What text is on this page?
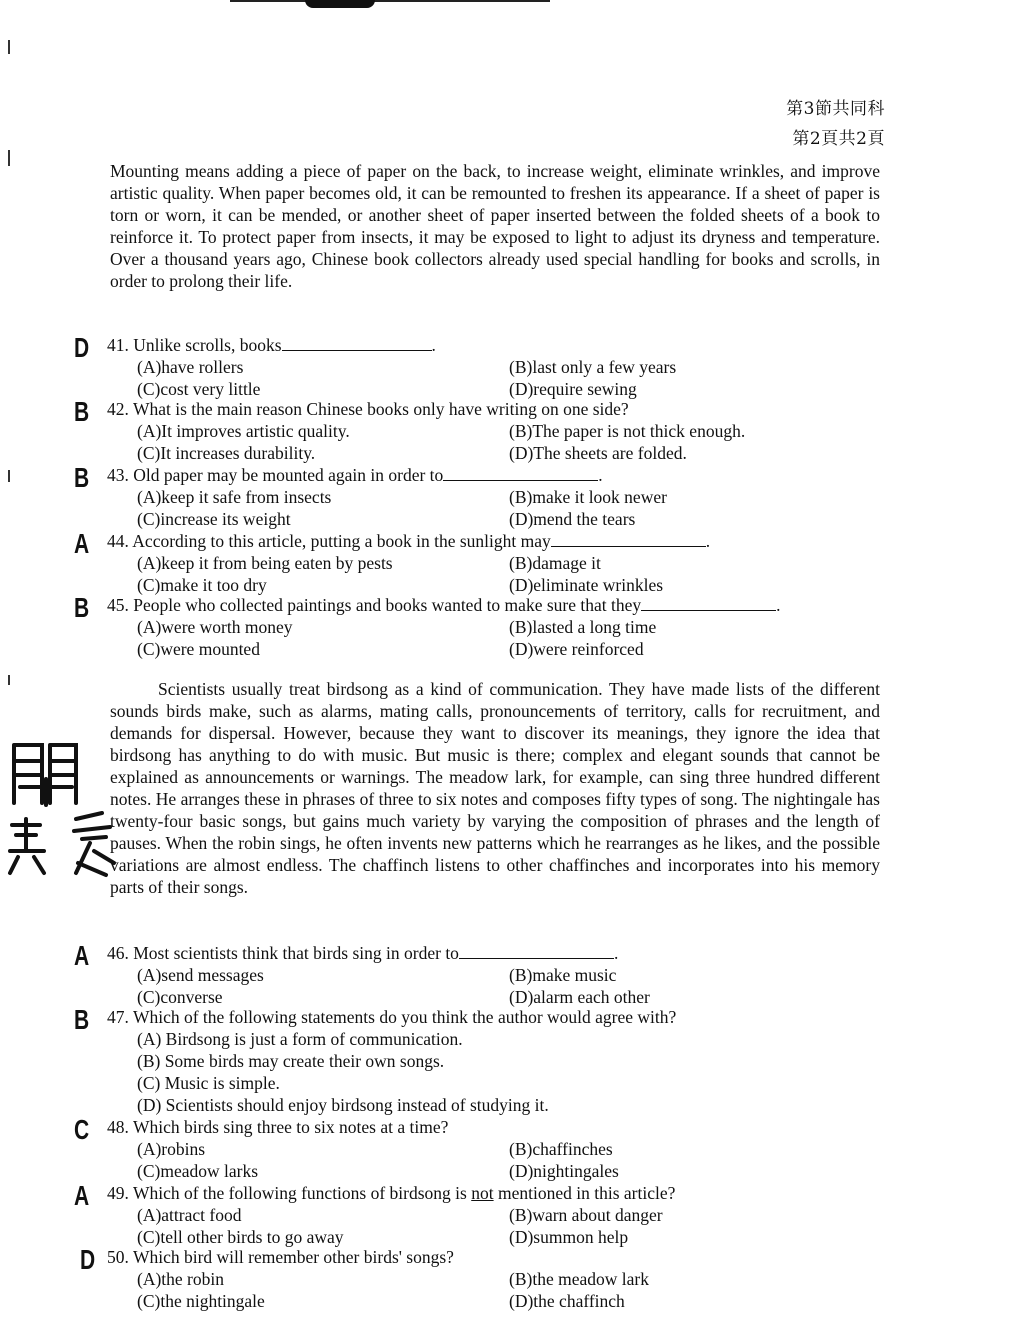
第3節共同科
第2頁共2頁
Mounting means adding a piece of paper on the back, to increase weight, eliminate wrinkles, and improve artistic quality. When paper becomes old, it can be remounted to freshen its appearance. If a sheet of paper is torn or worn, it can be mended, or another sheet of paper inserted between the folded sheets of a book to reinforce it. To protect paper from insects, it may be exposed to light to adjust its dryness and temperature. Over a thousand years ago, Chinese book collectors already used special handling for books and scrolls, in order to prolong their life.
D 41. Unlike scrolls, books	.
(A)have rollers	(B)last only a few years
(C)cost very little	(D)require sewing
B 42. What is the main reason Chinese books only have writing on one side?
(A)It improves artistic quality.	(B)The paper is not thick enough.
(C)It increases durability.	(D)The sheets are folded.
B 43. Old paper may be mounted again in order to	.
(A)keep it safe from insects	(B)make it look newer
(C)increase its weight	(D)mend the tears
A 44. According to this article, putting a book in the sunlight may	.
(A)keep it from being eaten by pests	(B)damage it
(C)make it too dry	(D)eliminate wrinkles
B 45. People who collected paintings and books wanted to make sure that they	.
(A)were worth money	(B)lasted a long time
(C)were mounted	(D)were reinforced
Scientists usually treat birdsong as a kind of communication. They have made lists of the different sounds birds make, such as alarms, mating calls, pronouncements of territory, calls for recruitment, and demands for dispersal. However, because they want to discover its meanings, they ignore the idea that birdsong has anything to do with music. But music is there; complex and elegant sounds that cannot be explained as announcements or warnings. The meadow lark, for example, can sing three hundred different notes. He arranges these in phrases of three to six notes and composes fifty types of song. The nightingale has twenty-four basic songs, but gains much variety by varying the composition of phrases and the length of pauses. When the robin sings, he often invents new patterns which he rearranges as he likes, and the possible variations are almost endless. The chaffinch listens to other chaffinches and incorporates into his memory parts of their songs.
A 46. Most scientists think that birds sing in order to	.
(A)send messages	(B)make music
(C)converse	(D)alarm each other
B 47. Which of the following statements do you think the author would agree with?
(A) Birdsong is just a form of communication.
(B) Some birds may create their own songs.
(C) Music is simple.
(D) Scientists should enjoy birdsong instead of studying it.
C 48. Which birds sing three to six notes at a time?
(A)robins	(B)chaffinches
(C)meadow larks	(D)nightingales
A 49. Which of the following functions of birdsong is not mentioned in this article?
(A)attract food	(B)warn about danger
(C)tell other birds to go away	(D)summon help
D 50. Which bird will remember other birds' songs?
(A)the robin	(B)the meadow lark
(C)the nightingale	(D)the chaffinch
